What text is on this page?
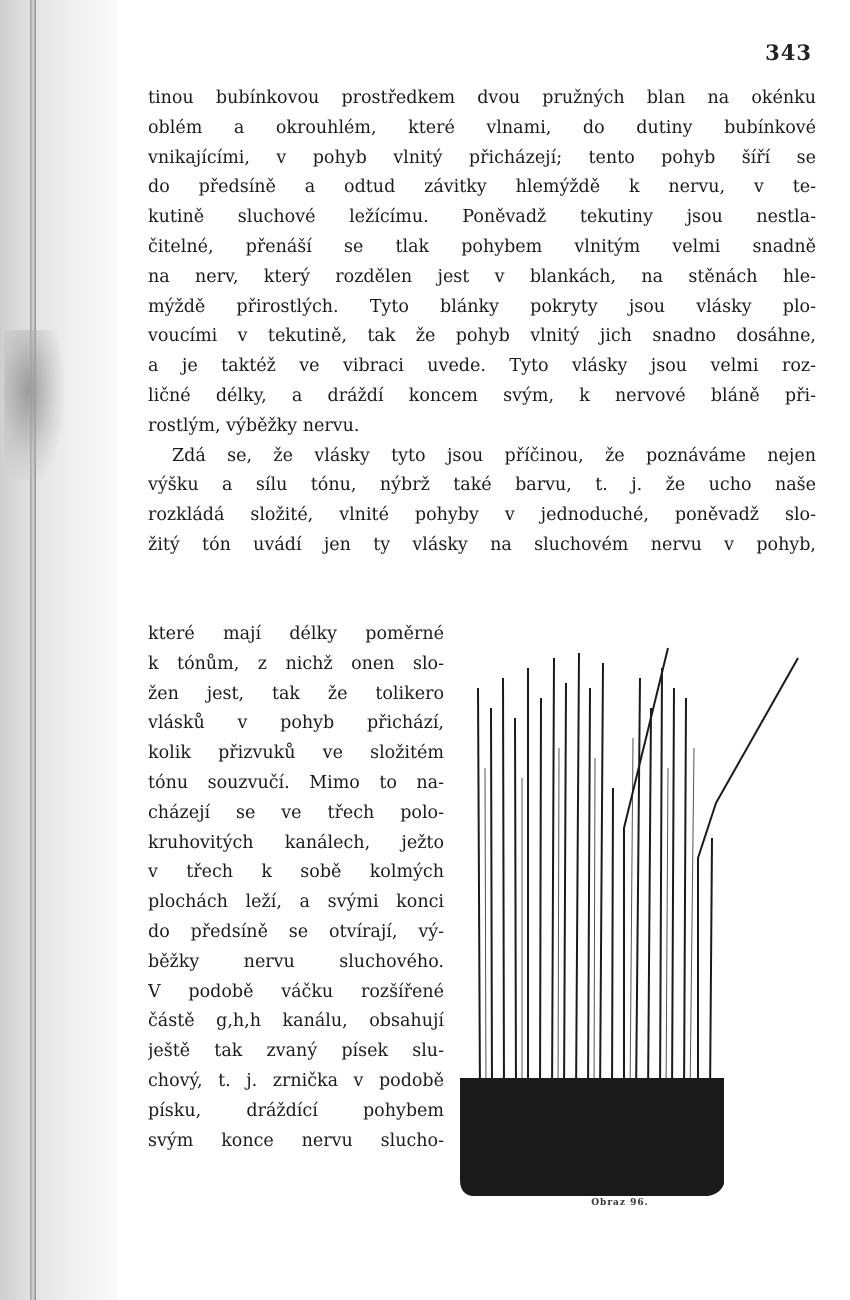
343
tinou bubínkovou prostředkem dvou pružných blan na okénku
oblém a okrouhlém, které vlnami, do dutiny bubínkové
vnikajícími, v pohyb vlnitý přicházejí; tento pohyb šíří se
do předsíně a odtud závitky hlemýždě k nervu, v te-
kutině sluchové ležícímu. Poněvadž tekutiny jsou nestla-
čitelné, přenáší se tlak pohybem vlnitým velmi snadně
na nerv, který rozdělen jest v blankách, na stěnách hle-
mýždě přirostlých. Tyto blánky pokryty jsou vlásky plo-
voucími v tekutině, tak že pohyb vlnitý jich snadno dosáhne,
a je taktéž ve vibraci uvede. Tyto vlásky jsou velmi roz-
ličné délky, a dráždí koncem svým, k nervové bláně při-
rostlým, výběžky nervu.
Zdá se, že vlásky tyto jsou příčinou, že poznáváme nejen
výšku a sílu tónu, nýbrž také barvu, t. j. že ucho naše
rozkládá složité, vlnité pohyby v jednoduché, poněvadž slo-
žitý tón uvádí jen ty vlásky na sluchovém nervu v pohyb,
které mají délky poměrné
k tónům, z nichž onen slo-
žen jest, tak že tolikero
vlásků v pohyb přichází,
kolik přizvuků ve složitém
tónu souzvučí. Mimo to na-
cházejí se ve třech polo-
kruhovitých kanálech, ježto
v třech k sobě kolmých
plochách leží, a svými konci
do předsíně se otvírají, vý-
běžky nervu sluchového.
V podobě váčku rozšířené
částě g,h,h kanálu, obsahují
ještě tak zvaný písek slu-
chový, t. j. zrnička v podobě
písku, dráždící pohybem
svým konce nervu slucho-
Obraz 96.
